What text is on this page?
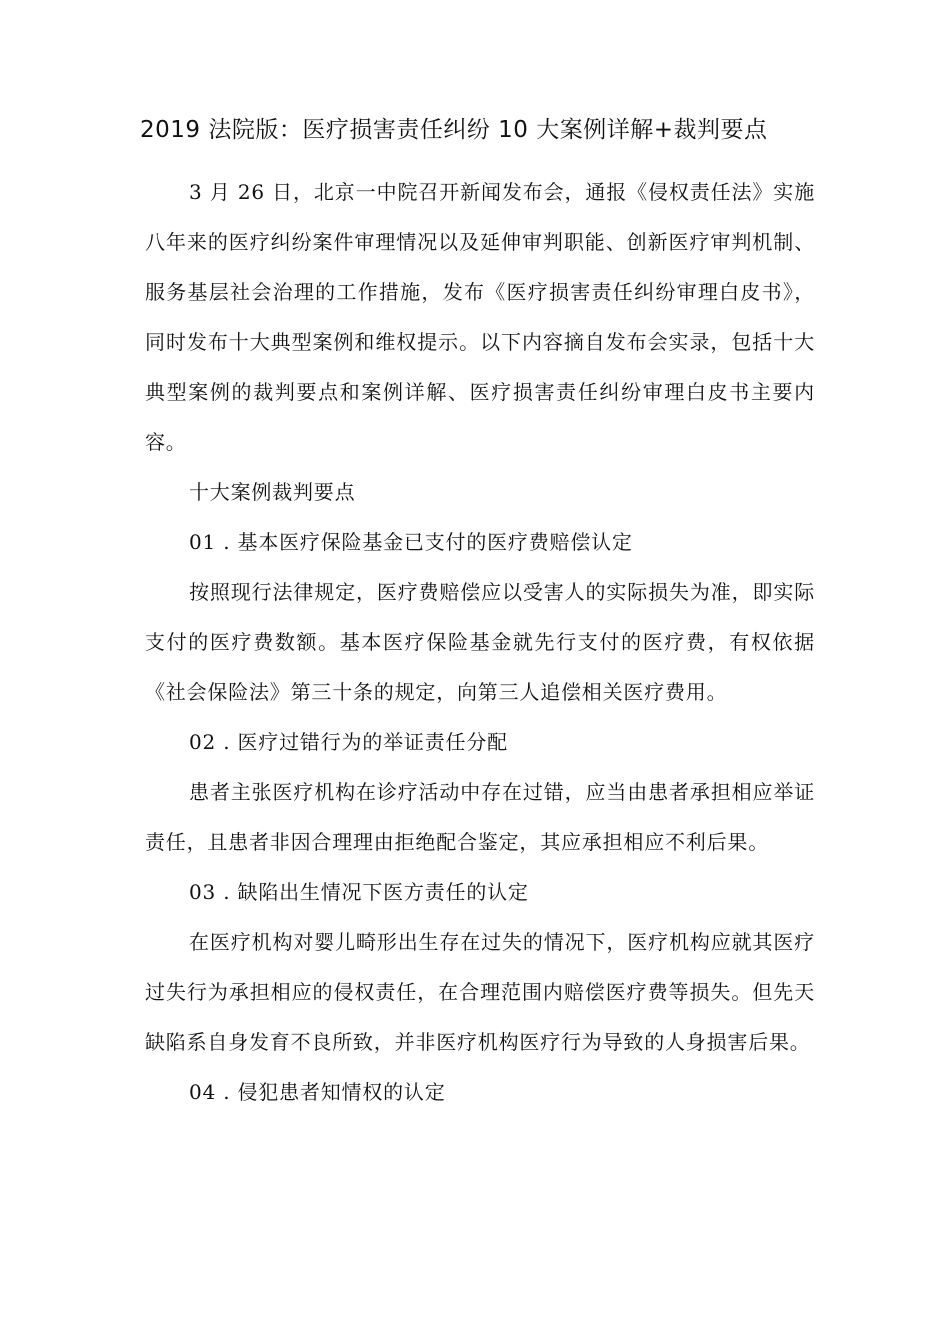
2019 法院版：医疗损害责任纠纷 10 大案例详解+裁判要点

3 月 26 日，北京一中院召开新闻发布会，通报《侵权责任法》实施八年来的医疗纠纷案件审理情况以及延伸审判职能、创新医疗审判机制、服务基层社会治理的工作措施，发布《医疗损害责任纠纷审理白皮书》，同时发布十大典型案例和维权提示。以下内容摘自发布会实录，包括十大典型案例的裁判要点和案例详解、医疗损害责任纠纷审理白皮书主要内容。

十大案例裁判要点

01 . 基本医疗保险基金已支付的医疗费赔偿认定

按照现行法律规定，医疗费赔偿应以受害人的实际损失为准，即实际支付的医疗费数额。基本医疗保险基金就先行支付的医疗费，有权依据《社会保险法》第三十条的规定，向第三人追偿相关医疗费用。

02 . 医疗过错行为的举证责任分配

患者主张医疗机构在诊疗活动中存在过错，应当由患者承担相应举证责任，且患者非因合理理由拒绝配合鉴定，其应承担相应不利后果。

03 . 缺陷出生情况下医方责任的认定

在医疗机构对婴儿畸形出生存在过失的情况下，医疗机构应就其医疗过失行为承担相应的侵权责任，在合理范围内赔偿医疗费等损失。但先天缺陷系自身发育不良所致，并非医疗机构医疗行为导致的人身损害后果。

04 . 侵犯患者知情权的认定
